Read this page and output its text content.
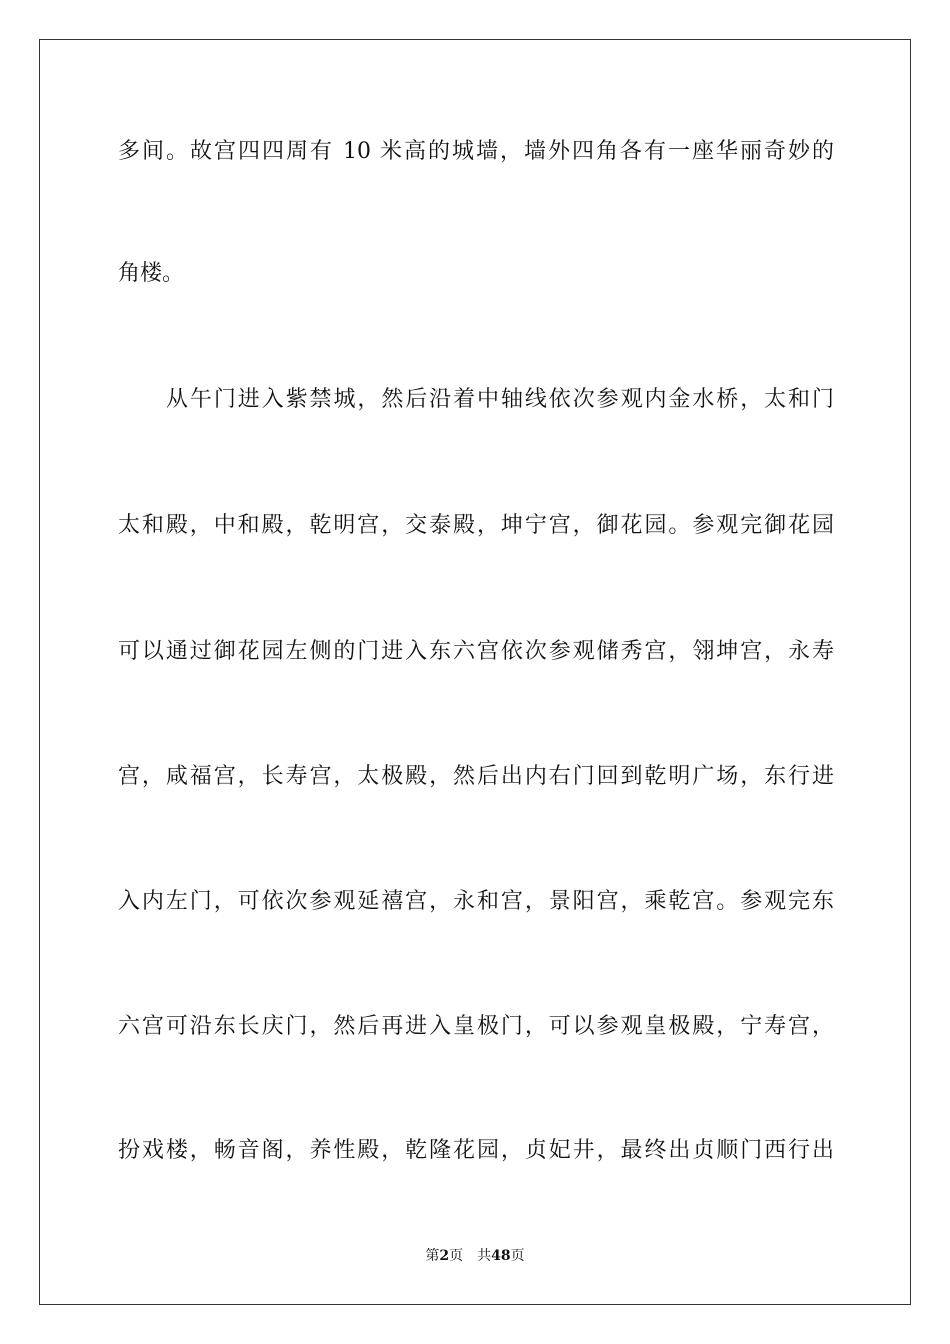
多间。故宫四四周有 10 米高的城墙，墙外四角各有一座华丽奇妙的
角楼。
从午门进入紫禁城，然后沿着中轴线依次参观内金水桥，太和门
太和殿，中和殿，乾明宫，交泰殿，坤宁宫，御花园。参观完御花园
可以通过御花园左侧的门进入东六宫依次参观储秀宫，翎坤宫，永寿
宫，咸福宫，长寿宫，太极殿，然后出内右门回到乾明广场，东行进
入内左门，可依次参观延禧宫，永和宫，景阳宫，乘乾宫。参观完东
六宫可沿东长庆门，然后再进入皇极门，可以参观皇极殿，宁寿宫，
扮戏楼，畅音阁，养性殿，乾隆花园，贞妃井，最终出贞顺门西行出
第2页 共48页
